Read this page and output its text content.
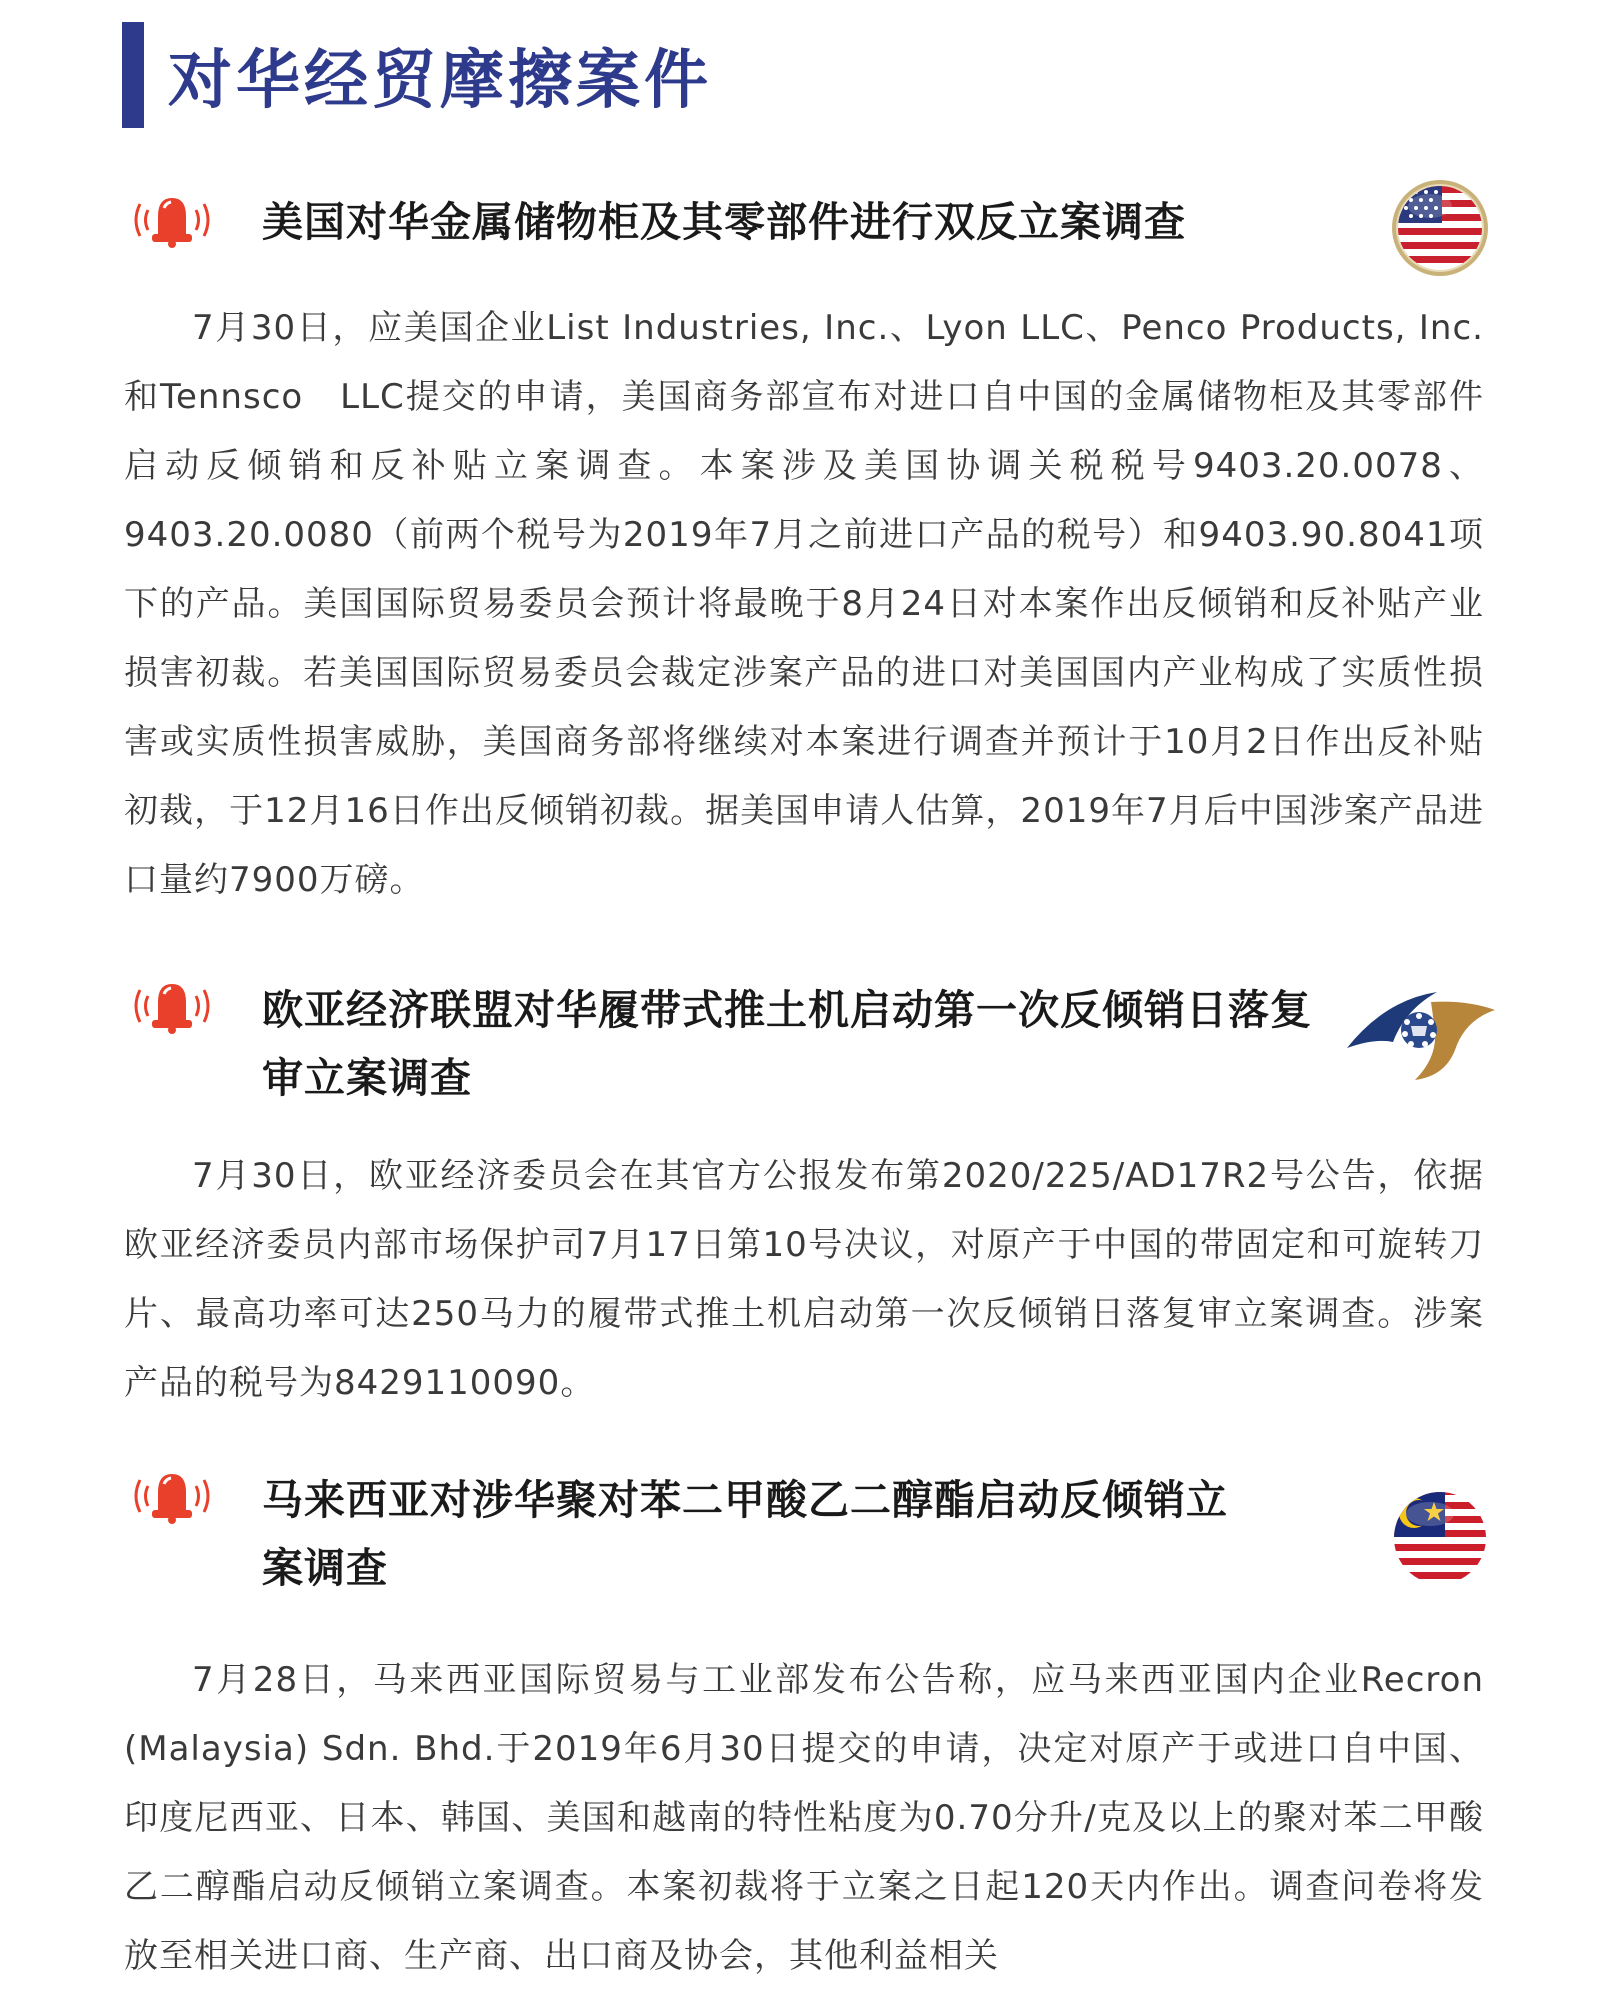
对华经贸摩擦案件
美国对华金属储物柜及其零部件进行双反立案调查

7月30日，应美国企业List Industries, Inc.、Lyon LLC、Penco Products, Inc.和Tennsco　LLC提交的申请，美国商务部宣布对进口自中国的金属储物柜及其零部件启动反倾销和反补贴立案调查。本案涉及美国协调关税税号9403.20.0078、9403.20.0080（前两个税号为2019年7月之前进口产品的税号）和9403.90.8041项下的产品。美国国际贸易委员会预计将最晚于8月24日对本案作出反倾销和反补贴产业损害初裁。若美国国际贸易委员会裁定涉案产品的进口对美国国内产业构成了实质性损害或实质性损害威胁，美国商务部将继续对本案进行调查并预计于10月2日作出反补贴初裁，于12月16日作出反倾销初裁。据美国申请人估算，2019年7月后中国涉案产品进口量约7900万磅。

欧亚经济联盟对华履带式推土机启动第一次反倾销日落复审立案调查

7月30日，欧亚经济委员会在其官方公报发布第2020/225/AD17R2号公告，依据欧亚经济委员内部市场保护司7月17日第10号决议，对原产于中国的带固定和可旋转刀片、最高功率可达250马力的履带式推土机启动第一次反倾销日落复审立案调查。涉案产品的税号为8429110090。

马来西亚对涉华聚对苯二甲酸乙二醇酯启动反倾销立案调查

7月28日，马来西亚国际贸易与工业部发布公告称，应马来西亚国内企业Recron (Malaysia) Sdn. Bhd.于2019年6月30日提交的申请，决定对原产于或进口自中国、印度尼西亚、日本、韩国、美国和越南的特性粘度为0.70分升/克及以上的聚对苯二甲酸乙二醇酯启动反倾销立案调查。本案初裁将于立案之日起120天内作出。调查问卷将发放至相关进口商、生产商、出口商及协会，其他利益相关
